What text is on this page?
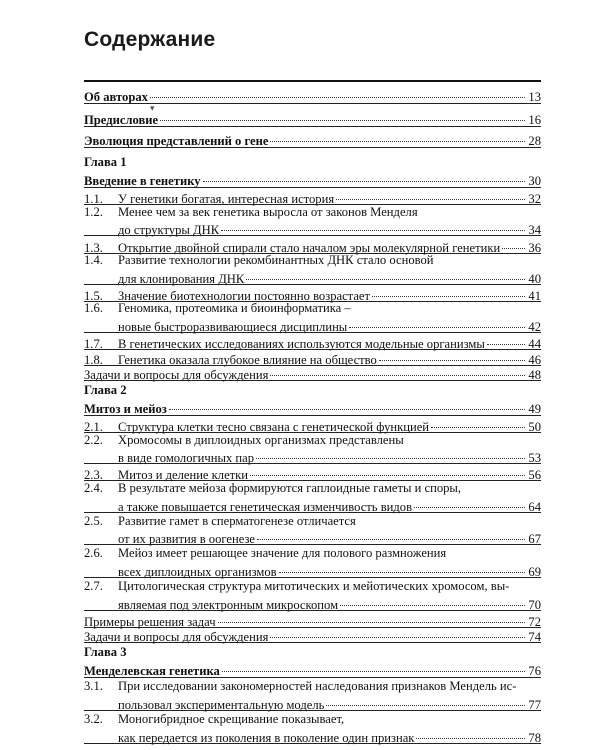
Содержание
Об авторах	13
Предисловие	16
Эволюция представлений о гене	28
▾
Глава 1
Введение в генетику	30
1.1.	У генетики богатая, интересная история	32
1.2.	Менее чем за век генетика выросла от законов Менделя
до структуры ДНК	34
1.3.	Открытие двойной спирали стало началом эры молекулярной генетики 36
1.4.	Развитие технологии рекомбинантных ДНК стало основой
для клонирования ДНК	40
1.5.	Значение биотехнологии постоянно возрастает	41
1.6.	Геномика, протеомика и биоинформатика –
новые быстроразвивающиеся дисциплины	42
1.7.	В генетических исследованиях используются модельные организмы	44
1.8.	Генетика оказала глубокое влияние на общество	46
Задачи и вопросы для обсуждения	48
Глава 2
Митоз и мейоз	49
2.1.	Структура клетки тесно связана с генетической функцией	50
2.2.	Хромосомы в диплоидных организмах представлены
в виде гомологичных пар	53
2.3.	Митоз и деление клетки	56
2.4.	В результате мейоза формируются гаплоидные гаметы и споры,
а также повышается генетическая изменчивость видов	64
2.5.	Развитие гамет в сперматогенезе отличается
от их развития в оогенезе	67
2.6.	Мейоз имеет решающее значение для полового размножения
всех диплоидных организмов	69
2.7.	Цитологическая структура митотических и мейотических хромосом, вы-
являемая под электронным микроскопом	70
Примеры решения задач	72
Задачи и вопросы для обсуждения	74
Глава 3
Менделевская генетика	76
3.1.	При исследовании закономерностей наследования признаков Мендель ис-
пользовал экспериментальную модель	77
3.2.	Моногибридное скрещивание показывает,
как передается из поколения в поколение один признак	78
